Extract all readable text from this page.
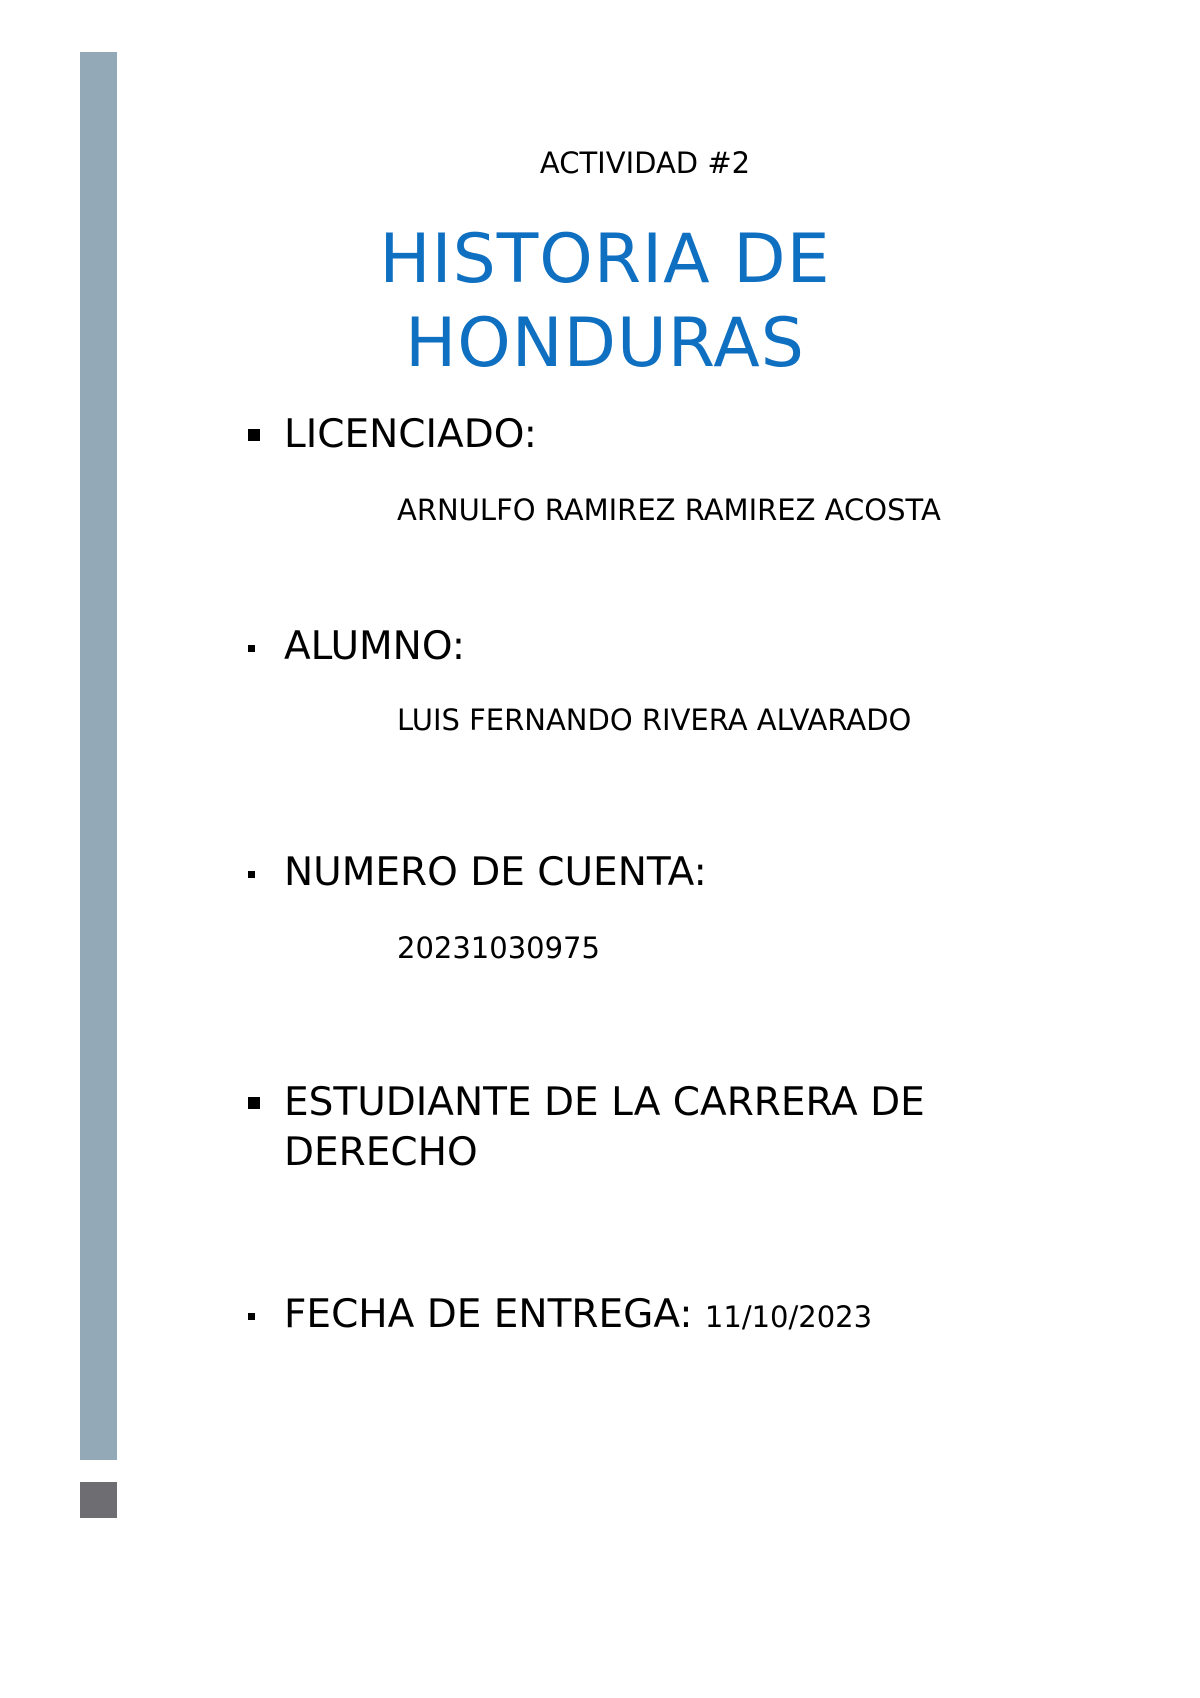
ACTIVIDAD #2
HISTORIA DE
HONDURAS
LICENCIADO:
ARNULFO RAMIREZ RAMIREZ ACOSTA
ALUMNO:
LUIS FERNANDO RIVERA ALVARADO
NUMERO DE CUENTA:
20231030975
ESTUDIANTE DE LA CARRERA DE
DERECHO
FECHA DE ENTREGA: 11/10/2023
